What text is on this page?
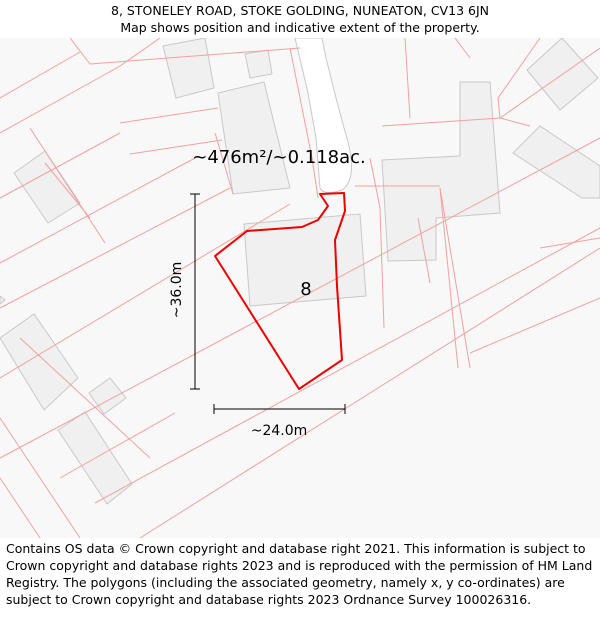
8, STONELEY ROAD, STOKE GOLDING, NUNEATON, CV13 6JN
Map shows position and indicative extent of the property.
~476m²/~0.118ac.
8
~36.0m
~24.0m
Contains OS data © Crown copyright and database right 2021. This information is subject to Crown copyright and database rights 2023 and is reproduced with the permission of HM Land Registry. The polygons (including the associated geometry, namely x, y co-ordinates) are subject to Crown copyright and database rights 2023 Ordnance Survey 100026316.
